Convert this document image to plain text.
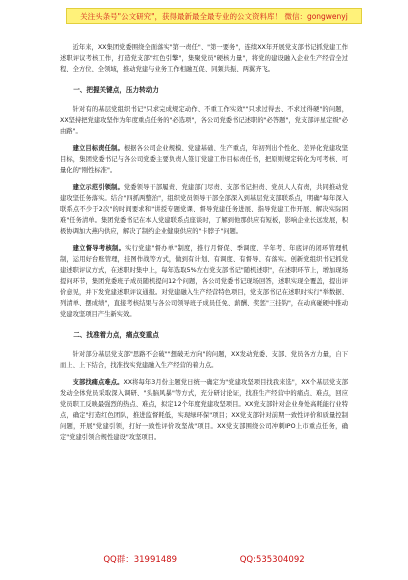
关注头条号"公文研究"，获得最新最全最专业的公文资料库！ 微信：gongwenyj

近年来，XX集团党委围绕全面落实"第一责任"、"第一要务"，连续XX年开展党支部书记抓党建工作述职评议考核工作，打造党支部"红色引擎"，集聚党员"硬核力量"，将党的建设融入企业生产经营全过程、全方位、全领域，推动党建与业务工作相融互促、同频共振、两翼齐飞。

一、把握关键点，压力转动力

针对有的基层党组织书记"只求完成规定动作、不重工作实效""只求过得去、不求过得硬"的问题，XX坚持把党建攻坚作为年度重点任务的"必选项"，各公司党委书记述职的"必答题"，党支部评星定级"必由路"。

建立目标责任制。根据各公司企业规模、党建基础、生产重点，年初列出个性化、差异化党建攻坚目标，集团党委书记与各公司党委主要负责人签订党建工作目标责任书，把原则规定转化为可考核、可量化的"刚性标准"。

建立示范引领制。党委领导干部履责、党建部门尽责、支部书记担责、党员人人有责，共同推动党建攻坚任务落实。结合"四抓两整治"，组织党员领导干部全部深入到基层党支部联系点，明确"每年深入联系点不少于2次"的时间要求和"讲授专题党课、督导党建任务进展、指导党建工作开展、解决实际困难"任务清单。集团党委书记在本人党建联系点座谈时，了解到他那供应有短板，影响企业长远发展，积极协调加大燕内供应，解决了制约企业健康供应的"卡脖子"问题。

建立督导考核制。实行党建"督办单"制度，推行月督促、季调度、半年考、年底评的闭环管理机制，运用好台账管理，挂图作战等方式，做到有计划、有调度、有督导、有落实。创新党组织书记抓党建述职评议方式，在述职时集中上，每年选取5%左右党支部书记"随机述职"，在述职环节上，增加现场提问环节，集团党委班子成员随机提问12个问题，各公司党委书记现场回答，述职实现全覆盖，提出评价意见，并下发党建述职评议通报。对党建融入生产经营特色项目，党支部书记在述职时实行"举数据、列清单、摆成绩"，直接考核结果与各公司领导班子成员任免、薪酬、奖惩"三挂钩"，在动真碰硬中推动党建攻坚项目产生新实效。

二、找准着力点，痛点变重点

针对部分基层党支部"思路不会破""想破无方向"的问题，XX发动党委、支部、党员各方力量，自下而上、上下结合，找准找实党建融入生产经营的着力点。

支部找痛点难点。XX将每年3月份主题党日统一确定为"党建攻坚项目找我来选"，XX个基层党支部发动全体党员采取深入调研、"头脑风暴"等方式，充分研讨论证，找准生产经营中的痛点、难点，回应党员职工反映最强烈的热点、难点，拟定12个年度党建攻坚项目。XX党支部针对企业身处高耗能行业特点，确定"打造红色团队，推进监督耗低，实现绿环保"项目；XX党支部针对前期一致性评价和质量控制问题，开展"党建引领，打好一致性评价攻坚战"项目。XX党支部围绕公司冲刺IPO上市重点任务，确定"党建引领合规性建设"攻坚项目。

QQ群：31991489	QQ:535304092
